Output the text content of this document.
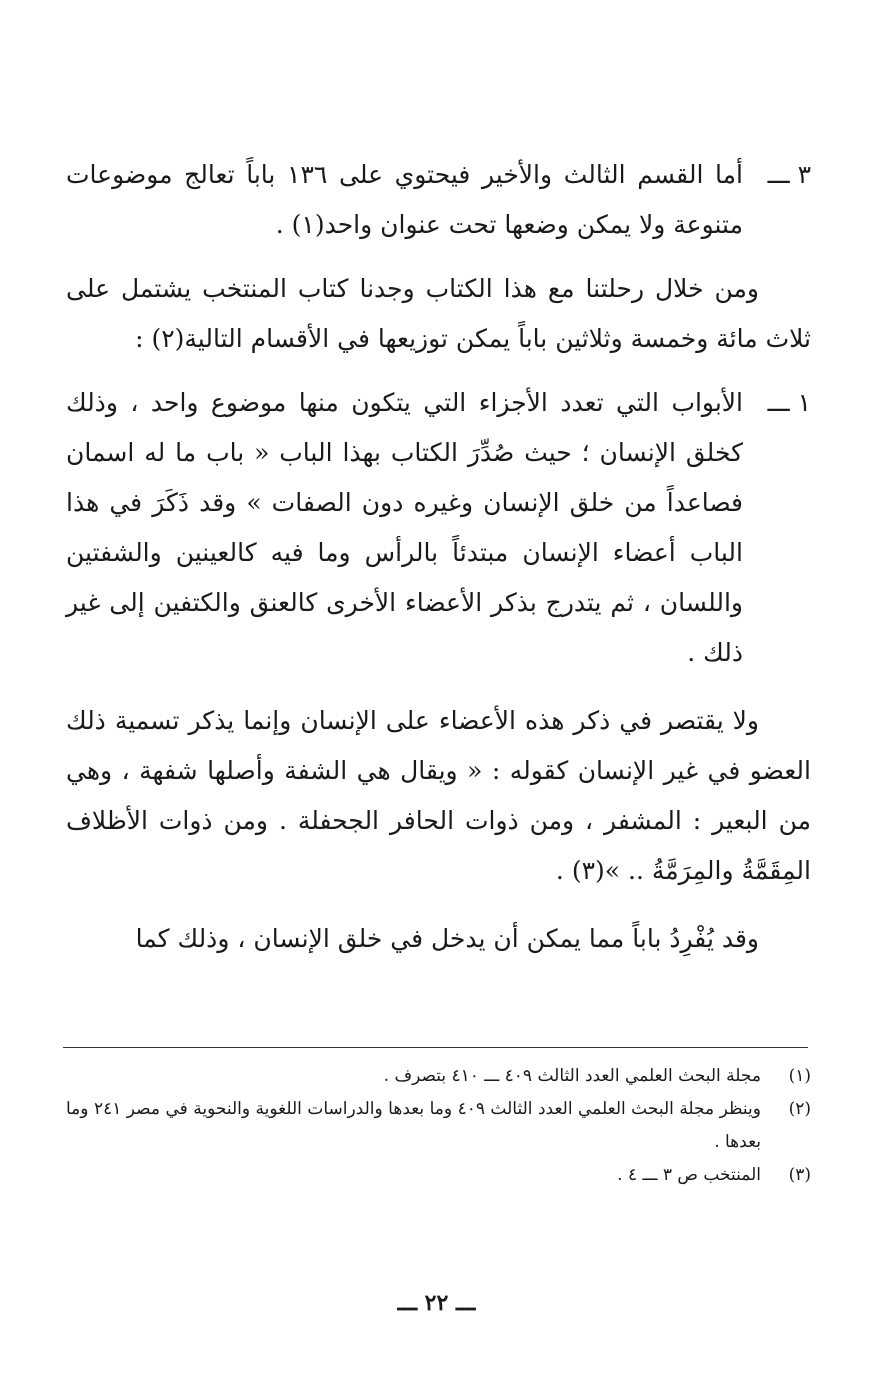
٣ ـــ
أما القسم الثالث والأخير فيحتوي على ١٣٦ باباً تعالج موضوعات متنوعة ولا يمكن وضعها تحت عنوان واحد(١) .

ومن خلال رحلتنا مع هذا الكتاب وجدنا كتاب المنتخب يشتمل على ثلاث مائة وخمسة وثلاثين باباً يمكن توزيعها في الأقسام التالية(٢) :

١ ـــ
الأبواب التي تعدد الأجزاء التي يتكون منها موضوع واحد ، وذلك كخلق الإنسان ؛ حيث صُدِّرَ الكتاب بهذا الباب « باب ما له اسمان فصاعداً من خلق الإنسان وغيره دون الصفات » وقد ذَكَرَ في هذا الباب أعضاء الإنسان مبتدئاً بالرأس وما فيه كالعينين والشفتين واللسان ، ثم يتدرج بذكر الأعضاء الأخرى كالعنق والكتفين إلى غير ذلك .

ولا يقتصر في ذكر هذه الأعضاء على الإنسان وإنما يذكر تسمية ذلك العضو في غير الإنسان كقوله : « ويقال هي الشفة وأصلها شفهة ، وهي من البعير : المشفر ، ومن ذوات الحافر الجحفلة . ومن ذوات الأظلاف المِقَمَّةُ والمِرَمَّةُ .. »(٣) .

وقد يُفْرِدُ باباً مما يمكن أن يدخل في خلق الإنسان ، وذلك كما

(١)
مجلة البحث العلمي العدد الثالث ٤٠٩ ـــ ٤١٠ بتصرف .
(٢)
وينظر مجلة البحث العلمي العدد الثالث ٤٠٩ وما بعدها والدراسات اللغوية والنحوية في مصر ٢٤١ وما بعدها .
(٣)
المنتخب ص ٣ ـــ ٤ .
ـــ ٢٢ ـــ
